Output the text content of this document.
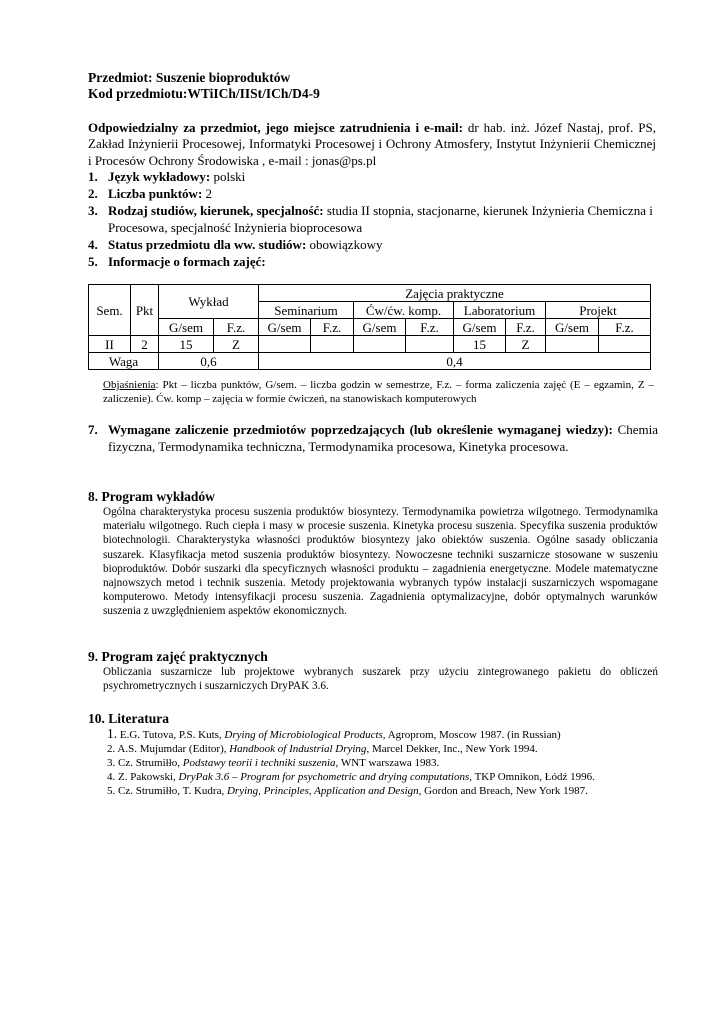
Przedmiot: Suszenie bioproduktów
Kod przedmiotu:WTiICh/IISt/ICh/D4-9
Odpowiedzialny za przedmiot, jego miejsce zatrudnienia i e-mail: dr hab. inż. Józef Nastaj, prof. PS, Zakład Inżynierii Procesowej, Informatyki Procesowej i Ochrony Atmosfery, Instytut Inżynierii Chemicznej i Procesów Ochrony Środowiska , e-mail : jonas@ps.pl
1. Język wykładowy: polski
2. Liczba punktów: 2
3. Rodzaj studiów, kierunek, specjalność: studia II stopnia, stacjonarne, kierunek Inżynieria Chemiczna i Procesowa, specjalność Inżynieria bioprocesowa
4. Status przedmiotu dla ww. studiów: obowiązkowy
5. Informacje o formach zajęć:
Sem.	Pkt	Wykład		Zajęcia praktyczne							
				Seminarium		Ćw/ćw. komp.		Laboratorium		Projekt	
		G/sem	F.z.	G/sem	F.z.	G/sem	F.z.	G/sem	F.z.	G/sem	F.z.
II	2	15	Z					15	Z		
Waga		0,6		0,4							
Objaśnienia: Pkt – liczba punktów, G/sem. – liczba godzin w semestrze, F.z. – forma zaliczenia zajęć (E – egzamin, Z – zaliczenie). Ćw. komp – zajęcia w formie ćwiczeń, na stanowiskach komputerowych
7. Wymagane zaliczenie przedmiotów poprzedzających (lub określenie wymaganej wiedzy): Chemia fizyczna, Termodynamika techniczna, Termodynamika procesowa, Kinetyka procesowa.
8. Program wykładów
Ogólna charakterystyka procesu suszenia produktów biosyntezy. Termodynamika powietrza wilgotnego. Termodynamika materiału wilgotnego. Ruch ciepła i masy w procesie suszenia. Kinetyka procesu suszenia. Specyfika suszenia produktów biotechnologii. Charakterystyka własności produktów biosyntezy jako obiektów suszenia. Ogólne sasady obliczania suszarek. Klasyfikacja metod suszenia produktów biosyntezy. Nowoczesne techniki suszarnicze stosowane w suszeniu bioproduktów. Dobór suszarki dla specyficznych własności produktu – zagadnienia energetyczne. Modele matematyczne najnowszych metod i technik suszenia. Metody projektowania wybranych typów instalacji suszarniczych wspomagane komputerowo. Metody intensyfikacji procesu suszenia. Zagadnienia optymalizacyjne, dobór optymalnych warunków suszenia z uwzględnieniem aspektów ekonomicznych.
9. Program zajęć praktycznych
Obliczania suszarnicze lub projektowe wybranych suszarek przy użyciu zintegrowanego pakietu do obliczeń psychrometrycznych i suszarniczych DryPAK 3.6.
10. Literatura
1. E.G. Tutova, P.S. Kuts, Drying of Microbiological Products, Agroprom, Moscow 1987. (in Russian)
2. A.S. Mujumdar (Editor), Handbook of Industrial Drying, Marcel Dekker, Inc., New York 1994.
3. Cz. Strumiłło, Podstawy teorii i techniki suszenia, WNT warszawa 1983.
4. Z. Pakowski, DryPak 3.6 – Program for psychometric and drying computations, TKP Omnikon, Łódź 1996.
5. Cz. Strumiłło, T. Kudra, Drying, Principles, Application and Design, Gordon and Breach, New York 1987.
